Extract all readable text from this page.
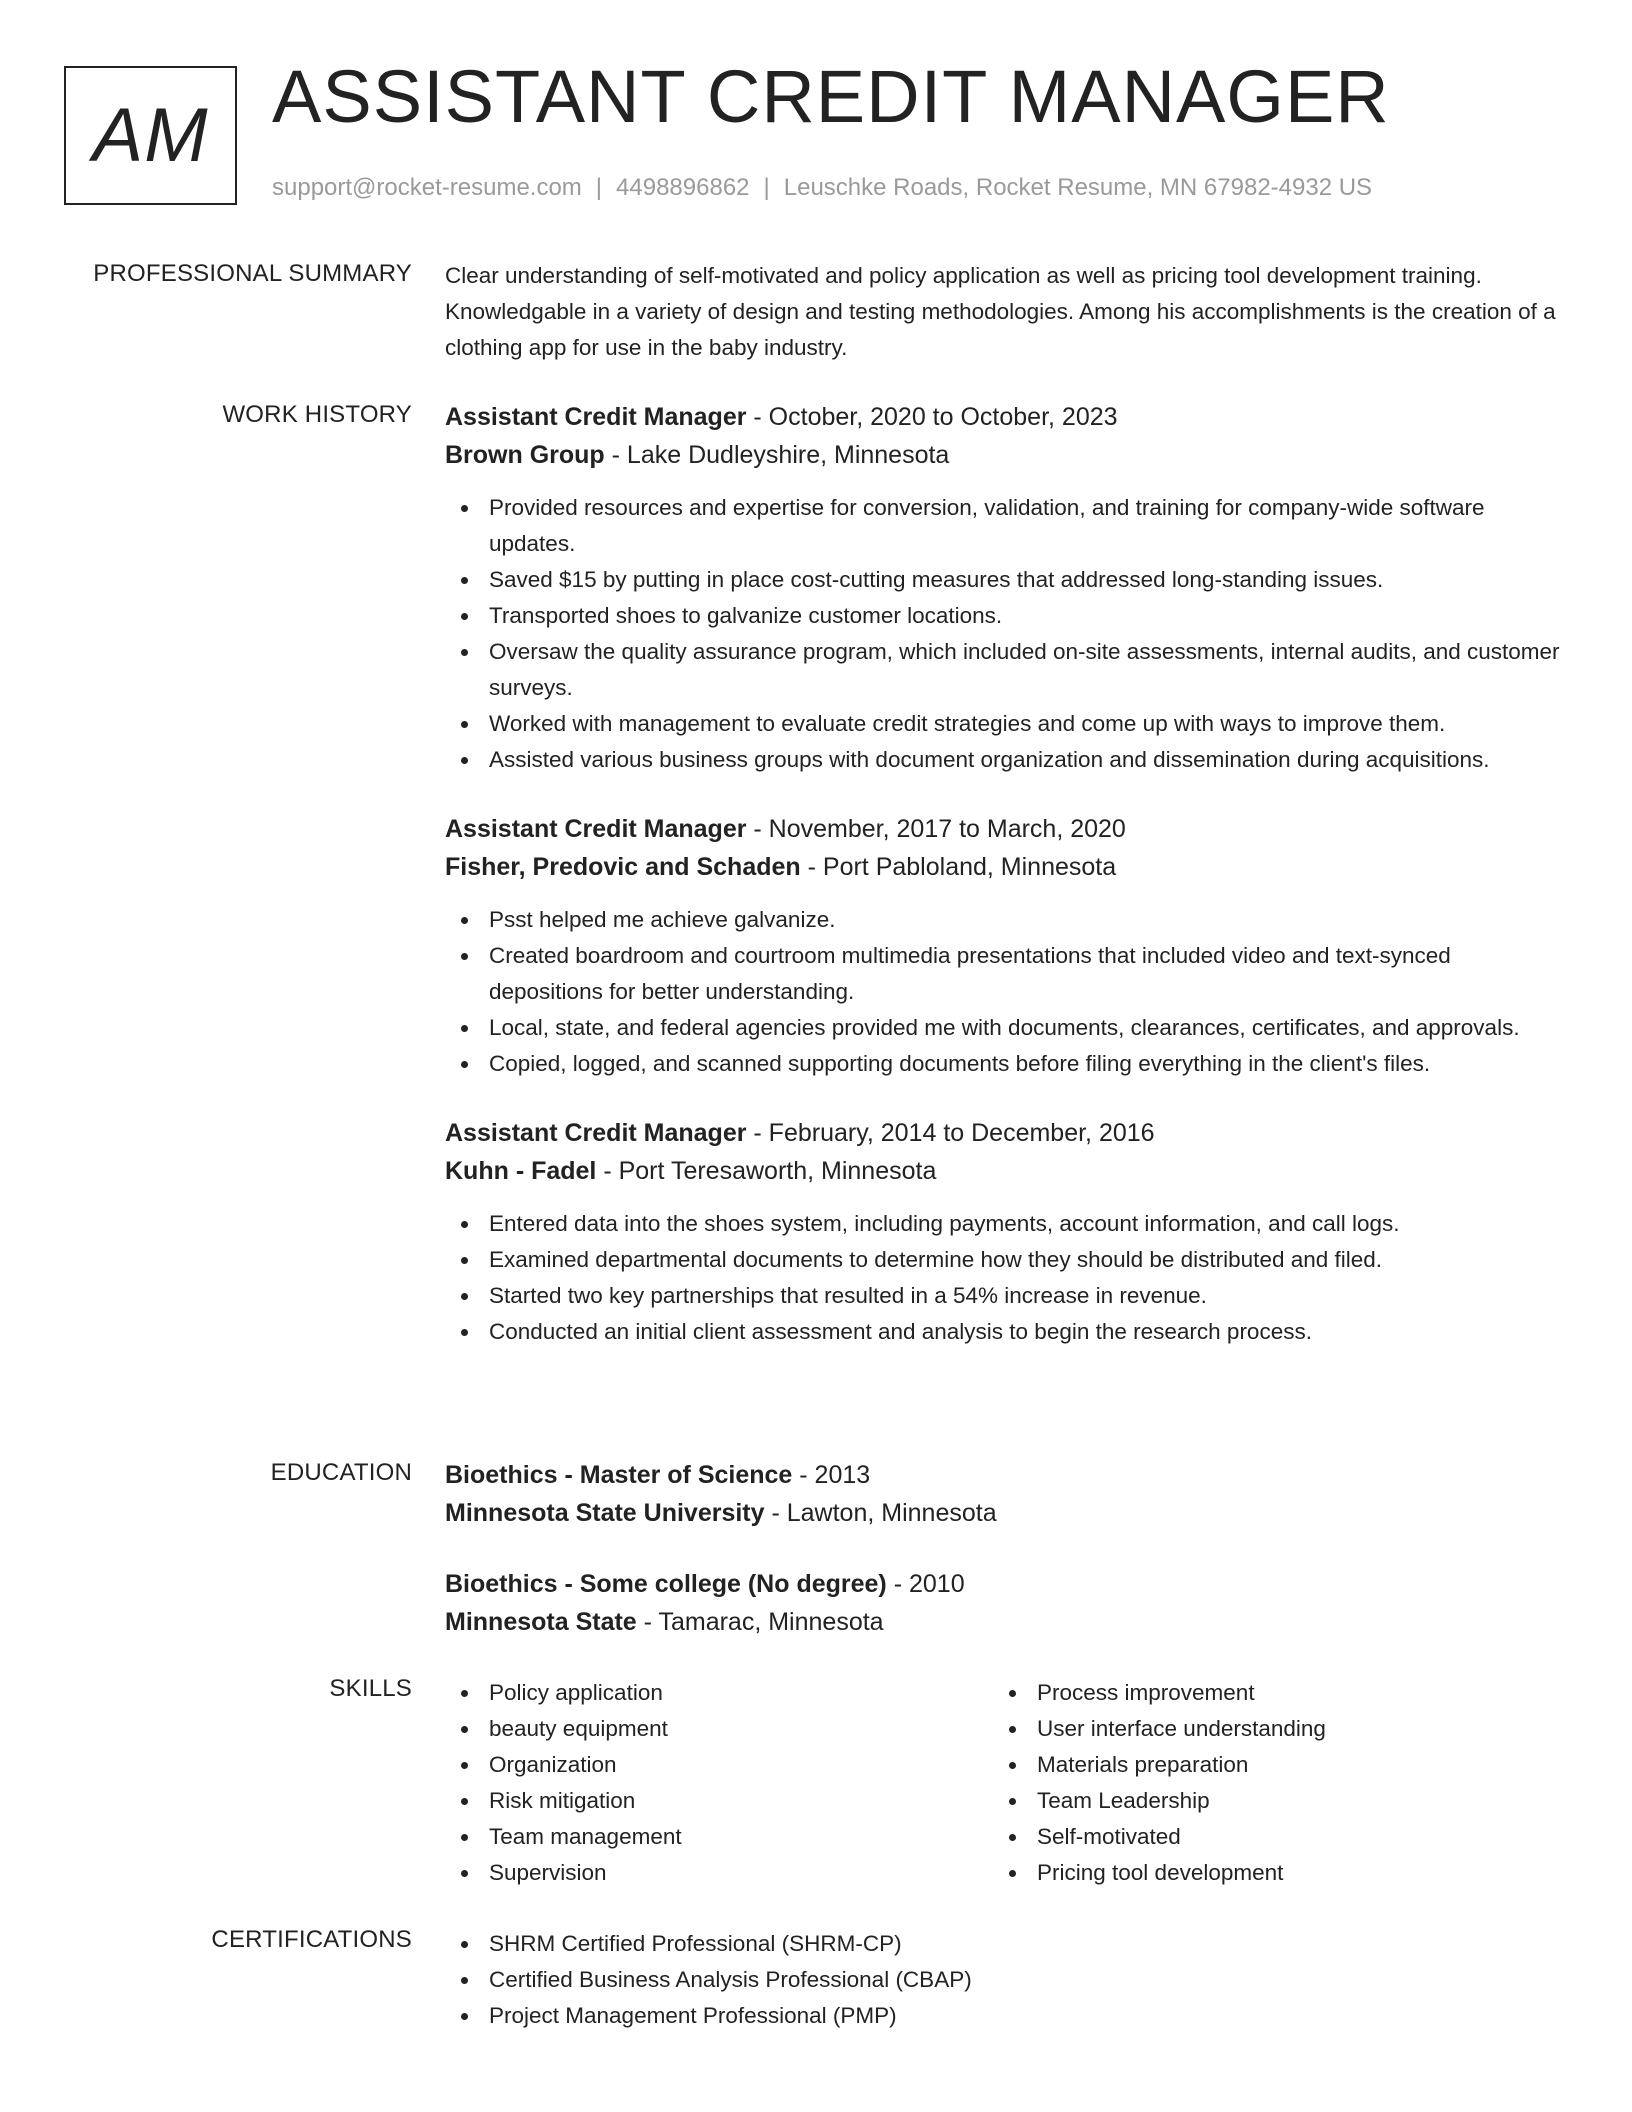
AM ASSISTANT CREDIT MANAGER
support@rocket-resume.com | 4498896862 | Leuschke Roads, Rocket Resume, MN 67982-4932 US
PROFESSIONAL SUMMARY Clear understanding of self-motivated and policy application as well as pricing tool development training. Knowledgable in a variety of design and testing methodologies. Among his accomplishments is the creation of a clothing app for use in the baby industry.

WORK HISTORY Assistant Credit Manager - October, 2020 to October, 2023
Brown Group - Lake Dudleyshire, Minnesota
Provided resources and expertise for conversion, validation, and training for company-wide software updates.
Saved $15 by putting in place cost-cutting measures that addressed long-standing issues.
Transported shoes to galvanize customer locations.
Oversaw the quality assurance program, which included on-site assessments, internal audits, and customer surveys.
Worked with management to evaluate credit strategies and come up with ways to improve them.
Assisted various business groups with document organization and dissemination during acquisitions.
Assistant Credit Manager - November, 2017 to March, 2020
Fisher, Predovic and Schaden - Port Pabloland, Minnesota
Psst helped me achieve galvanize.
Created boardroom and courtroom multimedia presentations that included video and text-synced depositions for better understanding.
Local, state, and federal agencies provided me with documents, clearances, certificates, and approvals.
Copied, logged, and scanned supporting documents before filing everything in the client's files.
Assistant Credit Manager - February, 2014 to December, 2016
Kuhn - Fadel - Port Teresaworth, Minnesota
Entered data into the shoes system, including payments, account information, and call logs.
Examined departmental documents to determine how they should be distributed and filed.
Started two key partnerships that resulted in a 54% increase in revenue.
Conducted an initial client assessment and analysis to begin the research process.
EDUCATION Bioethics - Master of Science - 2013
Minnesota State University - Lawton, Minnesota
Bioethics - Some college (No degree) - 2010
Minnesota State - Tamarac, Minnesota
SKILLS	Policy application
beauty equipment
Organization
Risk mitigation
Team management
Supervision
Process improvement
User interface understanding
Materials preparation
Team Leadership
Self-motivated
Pricing tool development
CERTIFICATIONS	SHRM Certified Professional (SHRM-CP)
Certified Business Analysis Professional (CBAP)
Project Management Professional (PMP)
